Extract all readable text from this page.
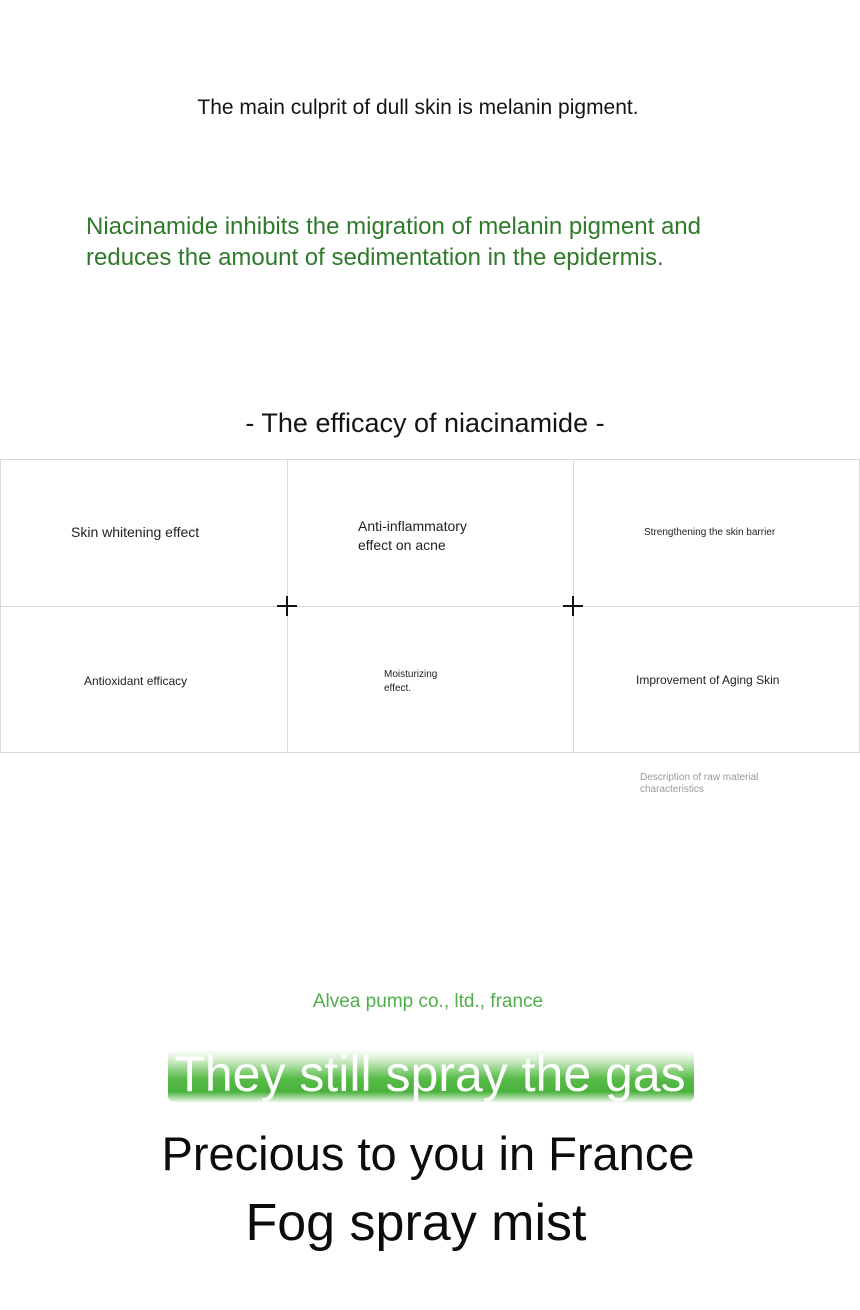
The main culprit of dull skin is melanin pigment.
Niacinamide inhibits the migration of melanin pigment and
reduces the amount of sedimentation in the epidermis.
- The efficacy of niacinamide -
Skin whitening effect	Anti-inflammatory
effect on acne
Strengthening the skin barrier
Antioxidant efficacy	Moisturizing
effect.
Improvement of Aging Skin
Description of raw material
characteristics
Alvea pump co., ltd., france
They still spray the gas
Precious to you in France
Fog spray mist
